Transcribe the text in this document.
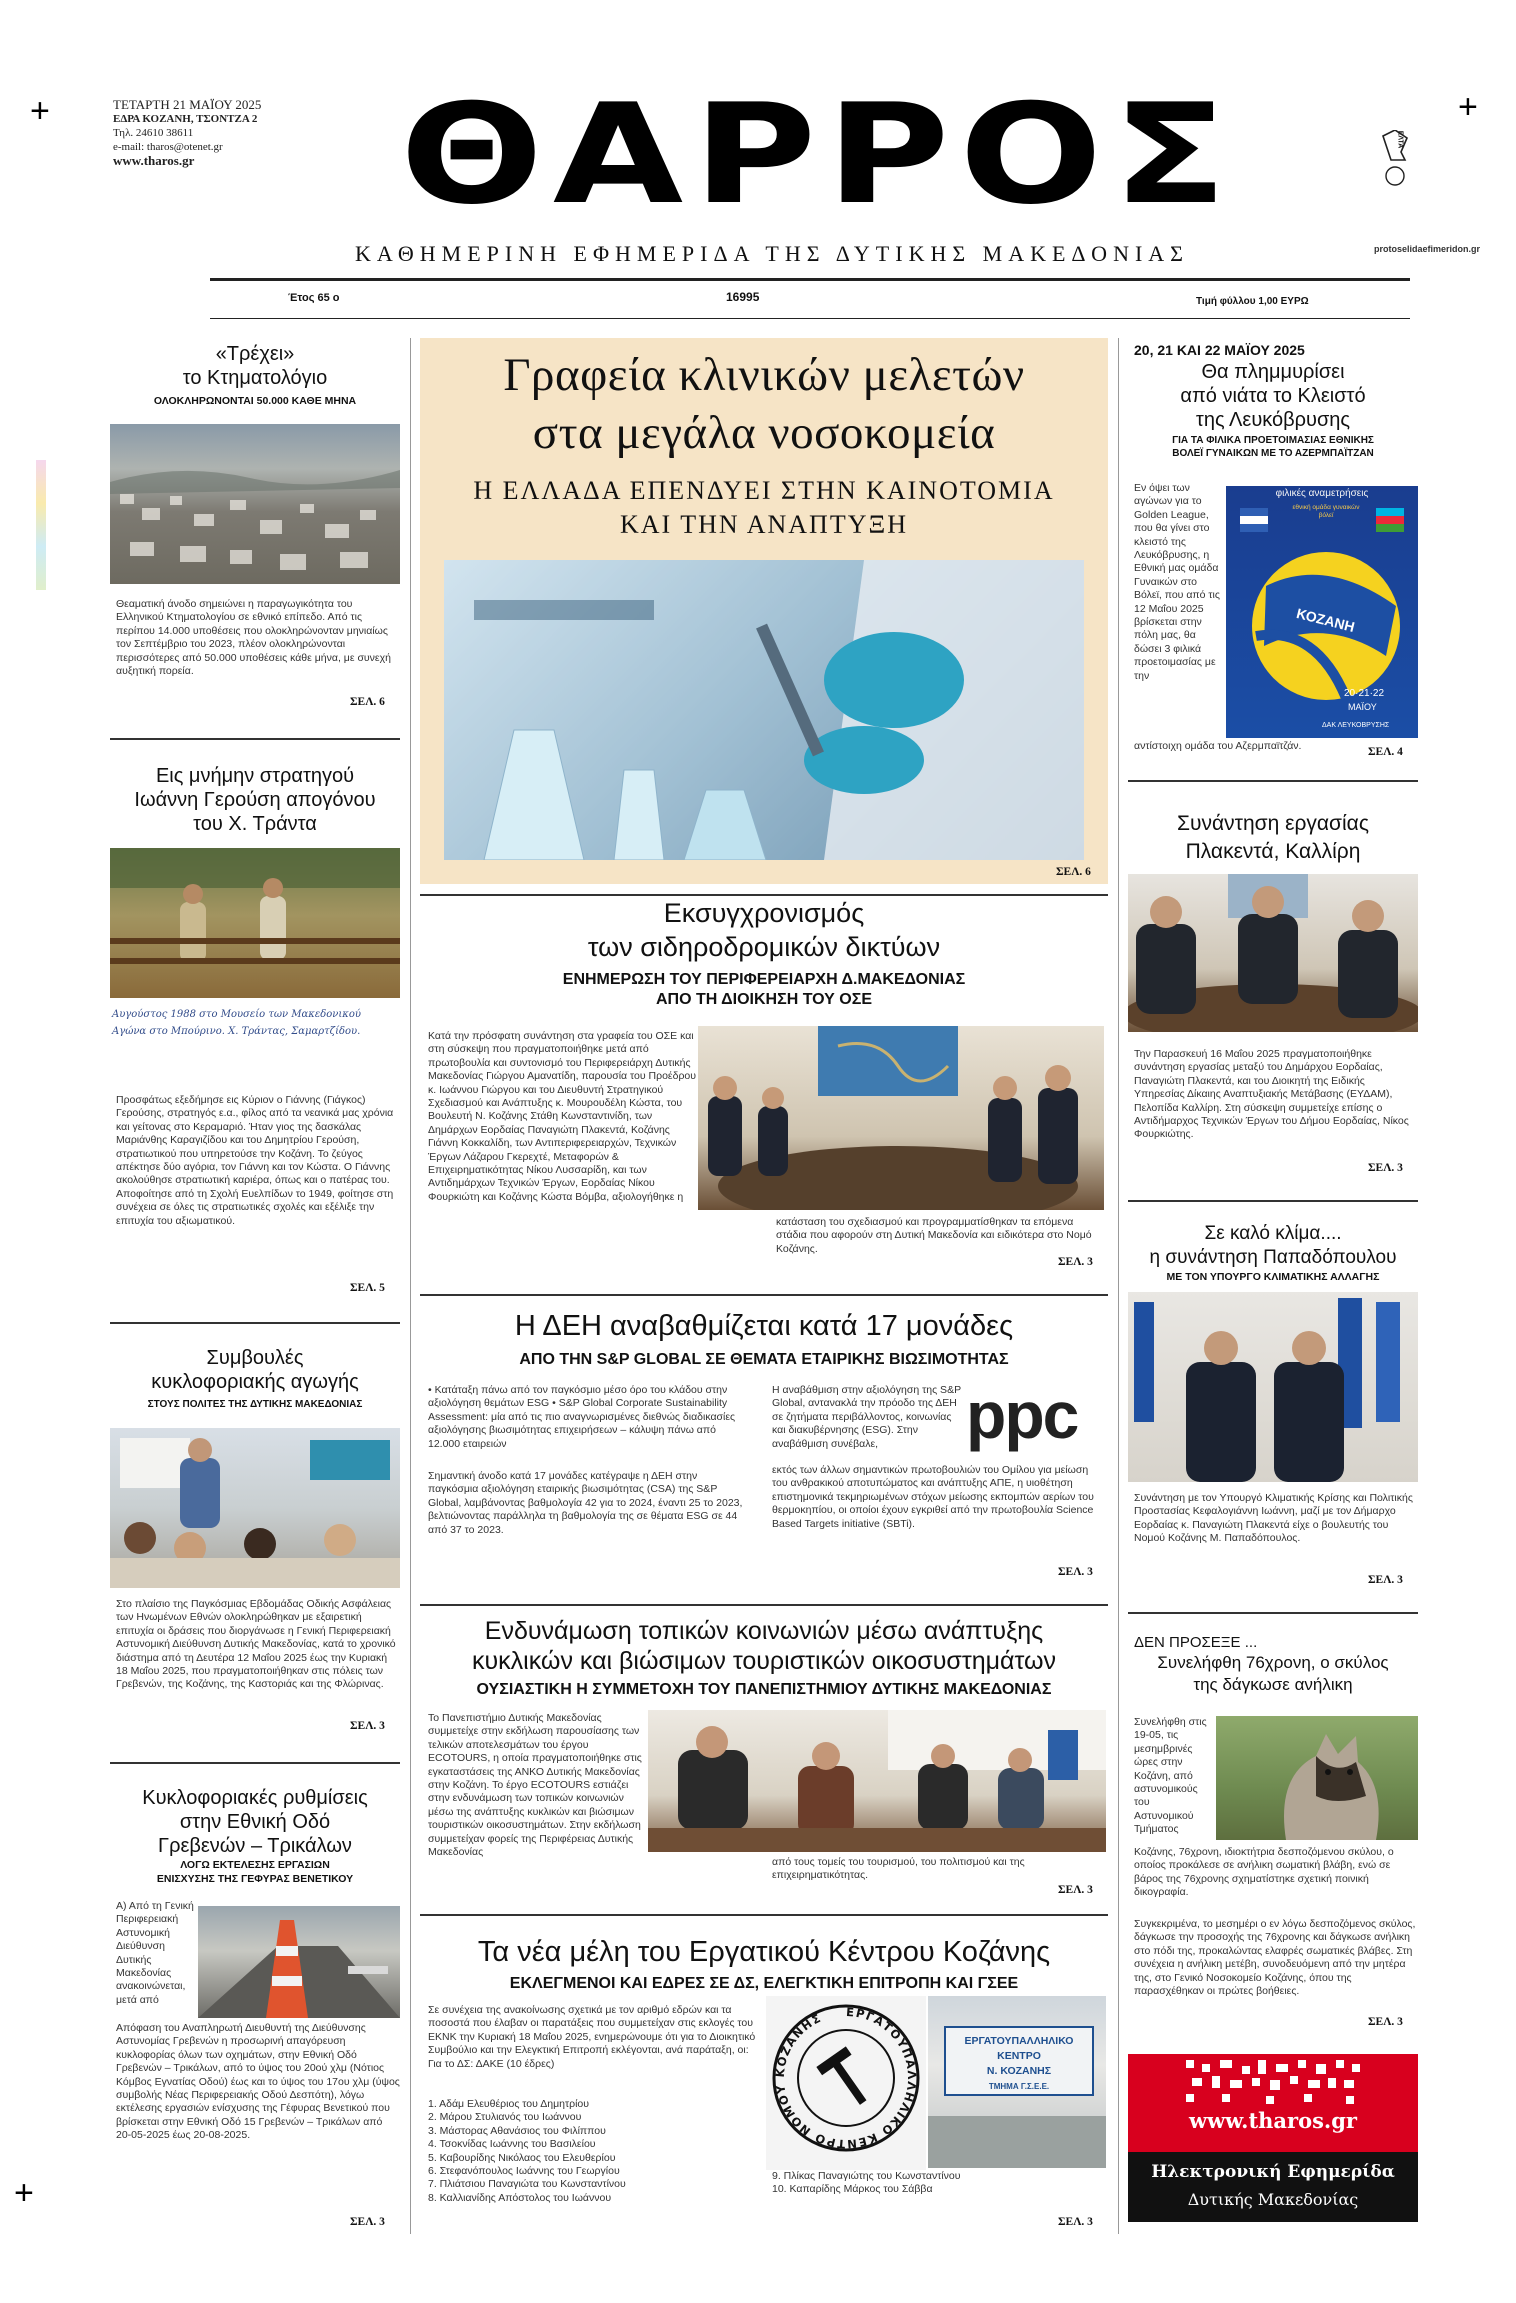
+	+
+
ΤΕΤΑΡΤΗ 21 ΜΑΪΟΥ 2025
ΕΔΡΑ ΚΟΖΑΝΗ, ΤΣΟΝΤΖΑ 2
Τηλ. 24610 38611
e-mail: tharos@otenet.gr
www.tharos.gr	ΘΑΡΡΟΣ
ΚΑΘΗΜΕΡΙΝΗ ΕΦΗΜΕΡΙΔΑ ΤΗΣ ΔΥΤΙΚΗΣ ΜΑΚΕΔΟΝΙΑΣ
Έτος 65 ο	16995	Τιμή φύλλου 1,00 ΕΥΡΩ
ΕΛΤΑ
protoselidaefimeridon.gr
«Τρέχει»
το Κτηματολόγιο
ΟΛΟΚΛΗΡΩΝΟΝΤΑΙ 50.000 ΚΑΘΕ ΜΗΝΑ
Θεαματική άνοδο σημειώνει η παραγωγικότητα του Ελληνικού Κτηματολογίου σε εθνικό επίπεδο. Από τις περίπου 14.000 υποθέσεις που ολοκληρώνονταν μηνιαίως τον Σεπτέμβριο του 2023, πλέον ολοκληρώνονται περισσότερες από 50.000 υποθέσεις κάθε μήνα, με συνεχή αυξητική πορεία.
ΣΕΛ. 6
Εις μνήμην στρατηγού
Ιωάννη Γερούση απογόνου
του Χ. Τράντα
Αυγούστος 1988 στο Μουσείο των Μακεδονικού Αγώνα στο Μπούρινο. Χ. Τράντας, Σαμαρτζίδου.
Προσφάτως εξεδήμησε εις Κύριον ο Γιάννης (Γιάγκος) Γερούσης, στρατηγός ε.α., φίλος από τα νεανικά μας χρόνια και γείτονας στο Κεραμαριό. Ήταν γιος της δασκάλας Μαριάνθης Καραγιζίδου και του Δημητρίου Γερούση, στρατιωτικού που υπηρετούσε την Κοζάνη. Το ζεύγος απέκτησε δύο αγόρια, τον Γιάννη και τον Κώστα. Ο Γιάννης ακολούθησε στρατιωτική καριέρα, όπως και ο πατέρας του. Αποφοίτησε από τη Σχολή Ευελπίδων το 1949, φοίτησε στη συνέχεια σε όλες τις στρατιωτικές σχολές και εξέλιξε την επιτυχία του αξιωματικού.
ΣΕΛ. 5
Συμβουλές
κυκλοφοριακής αγωγής
ΣΤΟΥΣ ΠΟΛΙΤΕΣ ΤΗΣ ΔΥΤΙΚΗΣ ΜΑΚΕΔΟΝΙΑΣ
Στο πλαίσιο της Παγκόσμιας Εβδομάδας Οδικής Ασφάλειας των Ηνωμένων Εθνών ολοκληρώθηκαν με εξαιρετική επιτυχία οι δράσεις που διοργάνωσε η Γενική Περιφερειακή Αστυνομική Διεύθυνση Δυτικής Μακεδονίας, κατά το χρονικό διάστημα από τη Δευτέρα 12 Μαΐου 2025 έως την Κυριακή 18 Μαΐου 2025, που πραγματοποιήθηκαν στις πόλεις των Γρεβενών, της Κοζάνης, της Καστοριάς και της Φλώρινας.
ΣΕΛ. 3
Κυκλοφοριακές ρυθμίσεις
στην Εθνική Οδό
Γρεβενών – Τρικάλων
ΛΟΓΩ ΕΚΤΕΛΕΣΗΣ ΕΡΓΑΣΙΩΝ
ΕΝΙΣΧΥΣΗΣ ΤΗΣ ΓΕΦΥΡΑΣ ΒΕΝΕΤΙΚΟΥ
Α) Από τη Γενική Περιφερειακή Αστυνομική Διεύθυνση Δυτικής Μακεδονίας ανακοινώνεται, μετά από
Απόφαση του Αναπληρωτή Διευθυντή της Διεύθυνσης Αστυνομίας Γρεβενών η προσωρινή απαγόρευση κυκλοφορίας όλων των οχημάτων, στην Εθνική Οδό Γρεβενών – Τρικάλων, από το ύψος του 20ού χλμ (Νότιος Κόμβος Εγνατίας Οδού) έως και το ύψος του 17ου χλμ (ύψος συμβολής Νέας Περιφερειακής Οδού Δεσπότη), λόγω εκτέλεσης εργασιών ενίσχυσης της Γέφυρας Βενετικού που βρίσκεται στην Εθνική Οδό 15 Γρεβενών – Τρικάλων από 20-05-2025 έως 20-08-2025.
ΣΕΛ. 3
Γραφεία κλινικών μελετών
στα μεγάλα νοσοκομεία
Η ΕΛΛΑΔΑ ΕΠΕΝΔΥΕΙ ΣΤΗΝ ΚΑΙΝΟΤΟΜΙΑ
ΚΑΙ ΤΗΝ ΑΝΑΠΤΥΞΗ
ΣΕΛ. 6
Εκσυγχρονισμός
των σιδηροδρομικών δικτύων
ΕΝΗΜΕΡΩΣΗ ΤΟΥ ΠΕΡΙΦΕΡΕΙΑΡΧΗ Δ.ΜΑΚΕΔΟΝΙΑΣ
ΑΠΟ ΤΗ ΔΙΟΙΚΗΣΗ ΤΟΥ ΟΣΕ
Κατά την πρόσφατη συνάντηση στα γραφεία του ΟΣΕ και στη σύσκεψη που πραγματοποιήθηκε μετά από πρωτοβουλία και συντονισμό του Περιφερειάρχη Δυτικής Μακεδονίας Γιώργου Αμανατίδη, παρουσία του Προέδρου κ. Ιωάννου Γιώργου και του Διευθυντή Στρατηγικού Σχεδιασμού και Ανάπτυξης κ. Μουρουδέλη Κώστα, του Βουλευτή Ν. Κοζάνης Στάθη Κωνσταντινίδη, των Δημάρχων Εορδαίας Παναγιώτη Πλακεντά, Κοζάνης Γιάννη Κοκκαλίδη, των Αντιπεριφερειαρχών, Τεχνικών Έργων Λάζαρου Γκερεχτέ, Μεταφορών & Επιχειρηματικότητας Νίκου Λυσσαρίδη, και των Αντιδημάρχων Τεχνικών Έργων, Εορδαίας Νίκου Φουρκιώτη και Κοζάνης Κώστα Βόμβα, αξιολογήθηκε η
κατάσταση του σχεδιασμού και προγραμματίσθηκαν τα επόμενα στάδια που αφορούν στη Δυτική Μακεδονία και ειδικότερα στο Νομό Κοζάνης.
ΣΕΛ. 3
Η ΔΕΗ αναβαθμίζεται κατά 17 μονάδες
ΑΠΟ ΤΗΝ S&P GLOBAL ΣΕ ΘΕΜΑΤΑ ΕΤΑΙΡΙΚΗΣ ΒΙΩΣΙΜΟΤΗΤΑΣ
• Κατάταξη πάνω από τον παγκόσμιο μέσο όρο του κλάδου στην αξιολόγηση θεμάτων ESG • S&P Global Corporate Sustainability Assessment: μία από τις πιο αναγνωρισμένες διεθνώς διαδικασίες αξιολόγησης βιωσιμότητας επιχειρήσεων – κάλυψη πάνω από 12.000 εταιρειών
Σημαντική άνοδο κατά 17 μονάδες κατέγραψε η ΔΕΗ στην παγκόσμια αξιολόγηση εταιρικής βιωσιμότητας (CSA) της S&P Global, λαμβάνοντας βαθμολογία 42 για το 2024, έναντι 25 το 2023, βελτιώνοντας παράλληλα τη βαθμολογία της σε θέματα ESG σε 44 από 37 το 2023.
Η αναβάθμιση στην αξιολόγηση της S&P Global, αντανακλά την πρόοδο της ΔΕΗ σε ζητήματα περιβάλλοντος, κοινωνίας και διακυβέρνησης (ESG). Στην αναβάθμιση συνέβαλε,	ppc
εκτός των άλλων σημαντικών πρωτοβουλιών του Ομίλου για μείωση του ανθρακικού αποτυπώματος και ανάπτυξης ΑΠΕ, η υιοθέτηση επιστημονικά τεκμηριωμένων στόχων μείωσης εκπομπών αερίων του θερμοκηπίου, οι οποίοι έχουν εγκριθεί από την πρωτοβουλία Science Based Targets initiative (SBTi).
ΣΕΛ. 3
Ενδυνάμωση τοπικών κοινωνιών μέσω ανάπτυξης
κυκλικών και βιώσιμων τουριστικών οικοσυστημάτων
ΟΥΣΙΑΣΤΙΚΗ Η ΣΥΜΜΕΤΟΧΗ ΤΟΥ ΠΑΝΕΠΙΣΤΗΜΙΟΥ ΔΥΤΙΚΗΣ ΜΑΚΕΔΟΝΙΑΣ
Το Πανεπιστήμιο Δυτικής Μακεδονίας συμμετείχε στην εκδήλωση παρουσίασης των τελικών αποτελεσμάτων του έργου ECOTOURS, η οποία πραγματοποιήθηκε στις εγκαταστάσεις της ΑΝΚΟ Δυτικής Μακεδονίας στην Κοζάνη. Το έργο ECOTOURS εστιάζει στην ενδυνάμωση των τοπικών κοινωνιών μέσω της ανάπτυξης κυκλικών και βιώσιμων τουριστικών οικοσυστημάτων. Στην εκδήλωση συμμετείχαν φορείς της Περιφέρειας Δυτικής Μακεδονίας
από τους τομείς του τουρισμού, του πολιτισμού και της επιχειρηματικότητας.
ΣΕΛ. 3
Τα νέα μέλη του Εργατικού Κέντρου Κοζάνης
ΕΚΛΕΓΜΕΝΟΙ ΚΑΙ ΕΔΡΕΣ ΣΕ ΔΣ, ΕΛΕΓΚΤΙΚΗ ΕΠΙΤΡΟΠΗ ΚΑΙ ΓΣΕΕ
Σε συνέχεια της ανακοίνωσης σχετικά με τον αριθμό εδρών και τα ποσοστά που έλαβαν οι παρατάξεις που συμμετείχαν στις εκλογές του ΕΚΝΚ την Κυριακή 18 Μαΐου 2025, ενημερώνουμε ότι για το Διοικητικό Συμβούλιο και την Ελεγκτική Επιτροπή εκλέγονται, ανά παράταξη, οι: Για το ΔΣ: ΔΑΚΕ (10 έδρες)
1. Αδάμ Ελευθέριος του Δημητρίου
2. Μάρου Στυλιανός του Ιωάννου
3. Μάστορας Αθανάσιος του Φιλίππου
4. Τσοκνίδας Ιωάννης του Βασιλείου
5. Καβουρίδης Νικόλαος του Ελευθερίου
6. Στεφανόπουλος Ιωάννης του Γεωργίου
7. Πλιάτσιου Παναγιώτα του Κωνσταντίνου
8. Καλλιανίδης Απόστολος του Ιωάννου
ΕΡΓΑΤΟΥΠΑΛΛΗΛΙΚΟ ΚΕΝΤΡΟ ΝΟΜΟΥ ΚΟΖΑΝΗΣ
ΕΡΓΑΤΟΥΠΑΛΛΗΛΙΚΟ ΚΕΝΤΡΟ
Ν. ΚΟΖΑΝΗΣ
ΤΜΗΜΑ Γ.Σ.Ε.Ε.
9. Πλίκας Παναγιώτης του Κωνσταντίνου
10. Καπαρίδης Μάρκος του Σάββα
ΣΕΛ. 3
20, 21 ΚΑΙ 22 ΜΑΪΟΥ 2025
Θα πλημμυρίσει
από νιάτα το Κλειστό
της Λευκόβρυσης
ΓΙΑ ΤΑ ΦΙΛΙΚΑ ΠΡΟΕΤΟΙΜΑΣΙΑΣ ΕΘΝΙΚΗΣ
ΒΟΛΕΪ ΓΥΝΑΙΚΩΝ ΜΕ ΤΟ ΑΖΕΡΜΠΑΪΤΖΑΝ
Εν όψει των αγώνων για το Golden League, που θα γίνει στο κλειστό της Λευκόβρυσης, η Εθνική μας ομάδα Γυναικών στο Βόλεϊ, που από τις 12 Μαΐου 2025 βρίσκεται στην πόλη μας, θα δώσει 3 φιλικά προετοιμασίας με την
αντίστοιχη ομάδα του Αζερμπαϊτζάν.
φιλικές αναμετρήσεις
εθνική ομάδα γυναικών βόλεϊ
ΚΟΖΑΝΗ
20·21·22
ΜΑΪΟΥ
ΔΑΚ ΛΕΥΚΟΒΡΥΣΗΣ
ΣΕΛ. 4
Συνάντηση εργασίας
Πλακεντά, Καλλίρη
Την Παρασκευή 16 Μαΐου 2025 πραγματοποιήθηκε συνάντηση εργασίας μεταξύ του Δημάρχου Εορδαίας, Παναγιώτη Πλακεντά, και του Διοικητή της Ειδικής Υπηρεσίας Δίκαιης Αναπτυξιακής Μετάβασης (ΕΥΔΑΜ), Πελοπίδα Καλλίρη. Στη σύσκεψη συμμετείχε επίσης ο Αντιδήμαρχος Τεχνικών Έργων του Δήμου Εορδαίας, Νίκος Φουρκιώτης.
ΣΕΛ. 3
Σε καλό κλίμα....
η συνάντηση Παπαδόπουλου
ΜΕ ΤΟΝ ΥΠΟΥΡΓΟ ΚΛΙΜΑΤΙΚΗΣ ΑΛΛΑΓΗΣ
Συνάντηση με τον Υπουργό Κλιματικής Κρίσης και Πολιτικής Προστασίας Κεφαλογιάννη Ιωάννη, μαζί με τον Δήμαρχο Εορδαίας κ. Παναγιώτη Πλακεντά είχε ο βουλευτής του Νομού Κοζάνης Μ. Παπαδόπουλος.
ΣΕΛ. 3
ΔΕΝ ΠΡΟΣΕΞΕ ...
Συνελήφθη 76χρονη, ο σκύλος
της δάγκωσε ανήλικη
Συνελήφθη στις 19-05, τις μεσημβρινές ώρες στην Κοζάνη, από αστυνομικούς του Αστυνομικού Τμήματος
Κοζάνης, 76χρονη, ιδιοκτήτρια δεσποζόμενου σκύλου, ο οποίος προκάλεσε σε ανήλικη σωματική βλάβη, ενώ σε βάρος της 76χρονης σχηματίστηκε σχετική ποινική δικογραφία.
Συγκεκριμένα, το μεσημέρι ο εν λόγω δεσποζόμενος σκύλος, δάγκωσε την προσοχής της 76χρονης και δάγκωσε ανήλικη στο πόδι της, προκαλώντας ελαφρές σωματικές βλάβες. Στη συνέχεια η ανήλικη μετέβη, συνοδευόμενη από την μητέρα της, στο Γενικό Νοσοκομείο Κοζάνης, όπου της παρασχέθηκαν οι πρώτες βοήθειες.
ΣΕΛ. 3
www.tharos.gr
Ηλεκτρονική Εφημερίδα
Δυτικής Μακεδονίας
